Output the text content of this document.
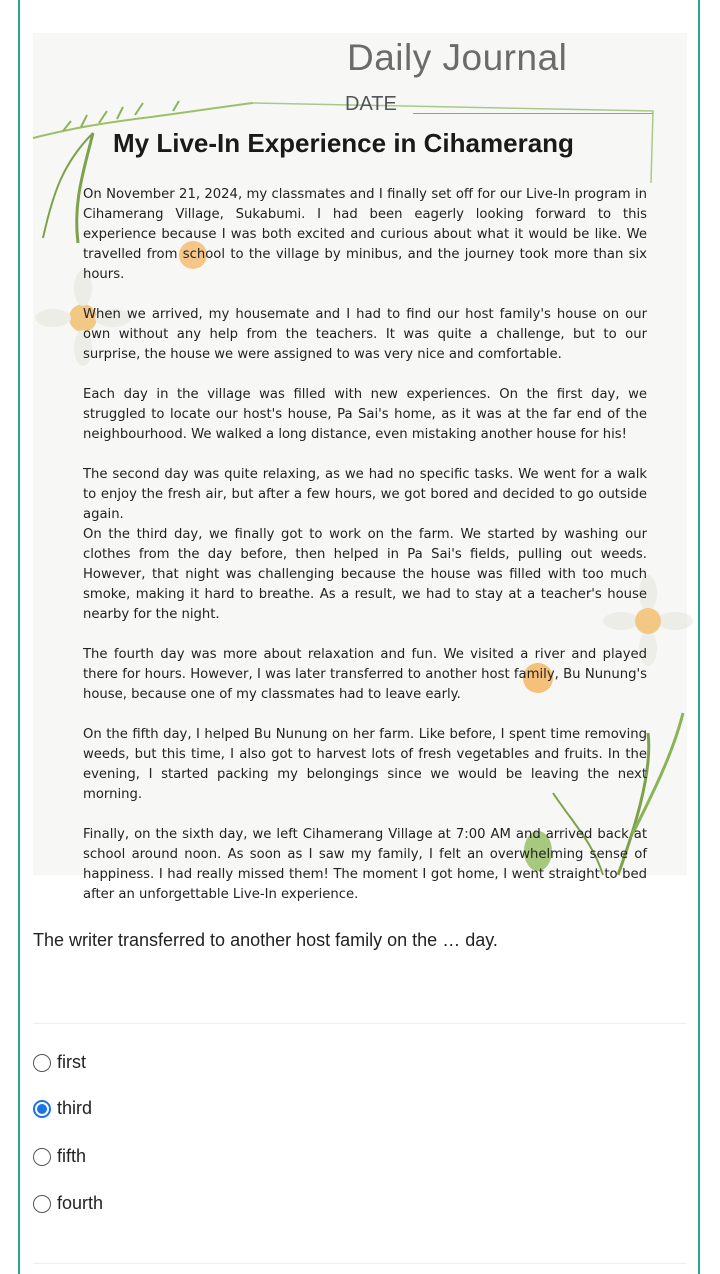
Daily Journal
DATE
My Live-In Experience in Cihamerang

On November 21, 2024, my classmates and I finally set off for our Live-In program in Cihamerang Village, Sukabumi. I had been eagerly looking forward to this experience because I was both excited and curious about what it would be like. We travelled from school to the village by minibus, and the journey took more than six hours.

When we arrived, my housemate and I had to find our host family's house on our own without any help from the teachers. It was quite a challenge, but to our surprise, the house we were assigned to was very nice and comfortable.

Each day in the village was filled with new experiences. On the first day, we struggled to locate our host's house, Pa Sai's home, as it was at the far end of the neighbourhood. We walked a long distance, even mistaking another house for his!

The second day was quite relaxing, as we had no specific tasks. We went for a walk to enjoy the fresh air, but after a few hours, we got bored and decided to go outside again.

On the third day, we finally got to work on the farm. We started by washing our clothes from the day before, then helped in Pa Sai's fields, pulling out weeds. However, that night was challenging because the house was filled with too much smoke, making it hard to breathe. As a result, we had to stay at a teacher's house nearby for the night.

The fourth day was more about relaxation and fun. We visited a river and played there for hours. However, I was later transferred to another host family, Bu Nunung's house, because one of my classmates had to leave early.

On the fifth day, I helped Bu Nunung on her farm. Like before, I spent time removing weeds, but this time, I also got to harvest lots of fresh vegetables and fruits. In the evening, I started packing my belongings since we would be leaving the next morning.

Finally, on the sixth day, we left Cihamerang Village at 7:00 AM and arrived back at school around noon. As soon as I saw my family, I felt an overwhelming sense of happiness. I had really missed them! The moment I got home, I went straight to bed after an unforgettable Live-In experience.

The writer transferred to another host family on the … day.
first
third
fifth
fourth
